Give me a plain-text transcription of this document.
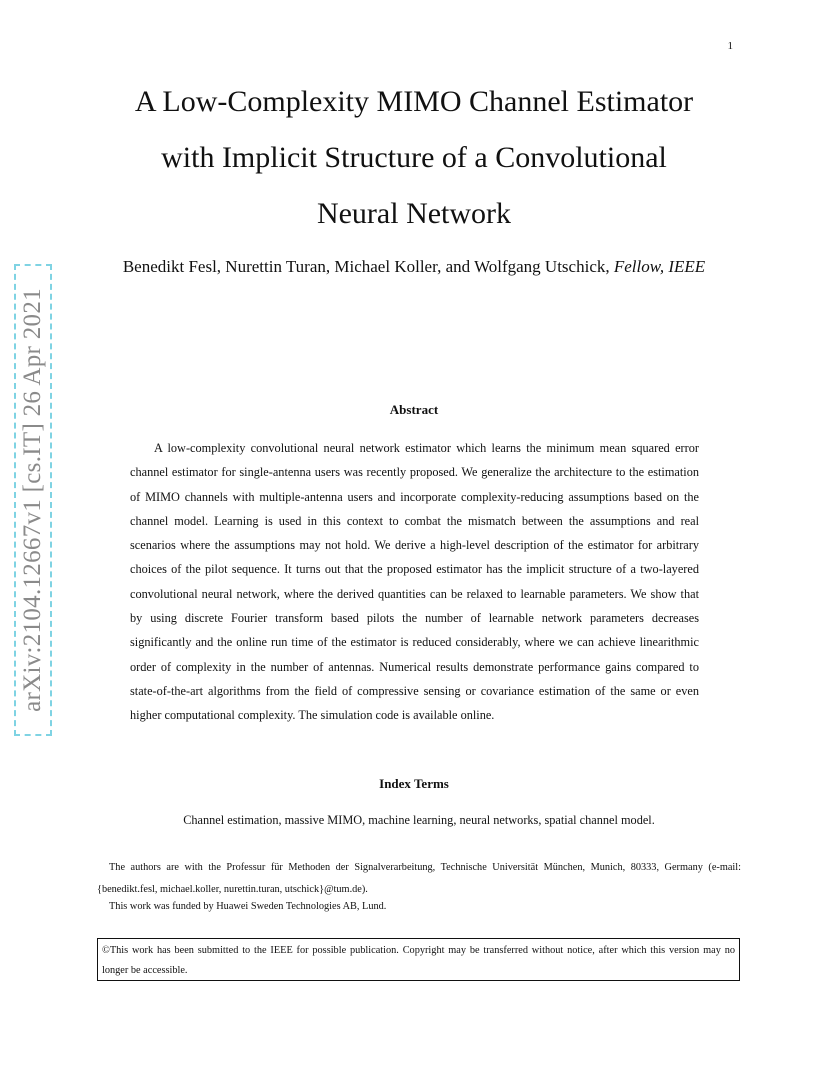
1
arXiv:2104.12667v1 [cs.IT] 26 Apr 2021
A Low-Complexity MIMO Channel Estimator
with Implicit Structure of a Convolutional
Neural Network
Benedikt Fesl, Nurettin Turan, Michael Koller, and Wolfgang Utschick, Fellow, IEEE
Abstract

A low-complexity convolutional neural network estimator which learns the minimum mean squared error channel estimator for single-antenna users was recently proposed. We generalize the architecture to the estimation of MIMO channels with multiple-antenna users and incorporate complexity-reducing assumptions based on the channel model. Learning is used in this context to combat the mismatch between the assumptions and real scenarios where the assumptions may not hold. We derive a high-level description of the estimator for arbitrary choices of the pilot sequence. It turns out that the proposed estimator has the implicit structure of a two-layered convolutional neural network, where the derived quantities can be relaxed to learnable parameters. We show that by using discrete Fourier transform based pilots the number of learnable network parameters decreases significantly and the online run time of the estimator is reduced considerably, where we can achieve linearithmic order of complexity in the number of antennas. Numerical results demonstrate performance gains compared to state-of-the-art algorithms from the field of compressive sensing or covariance estimation of the same or even higher computational complexity. The simulation code is available online.

Index Terms
Channel estimation, massive MIMO, machine learning, neural networks, spatial channel model.

The authors are with the Professur für Methoden der Signalverarbeitung, Technische Universität München, Munich, 80333, Germany (e-mail: {benedikt.fesl, michael.koller, nurettin.turan, utschick}@tum.de).

This work was funded by Huawei Sweden Technologies AB, Lund.
©This work has been submitted to the IEEE for possible publication. Copyright may be transferred without notice, after which this version may no longer be accessible.
